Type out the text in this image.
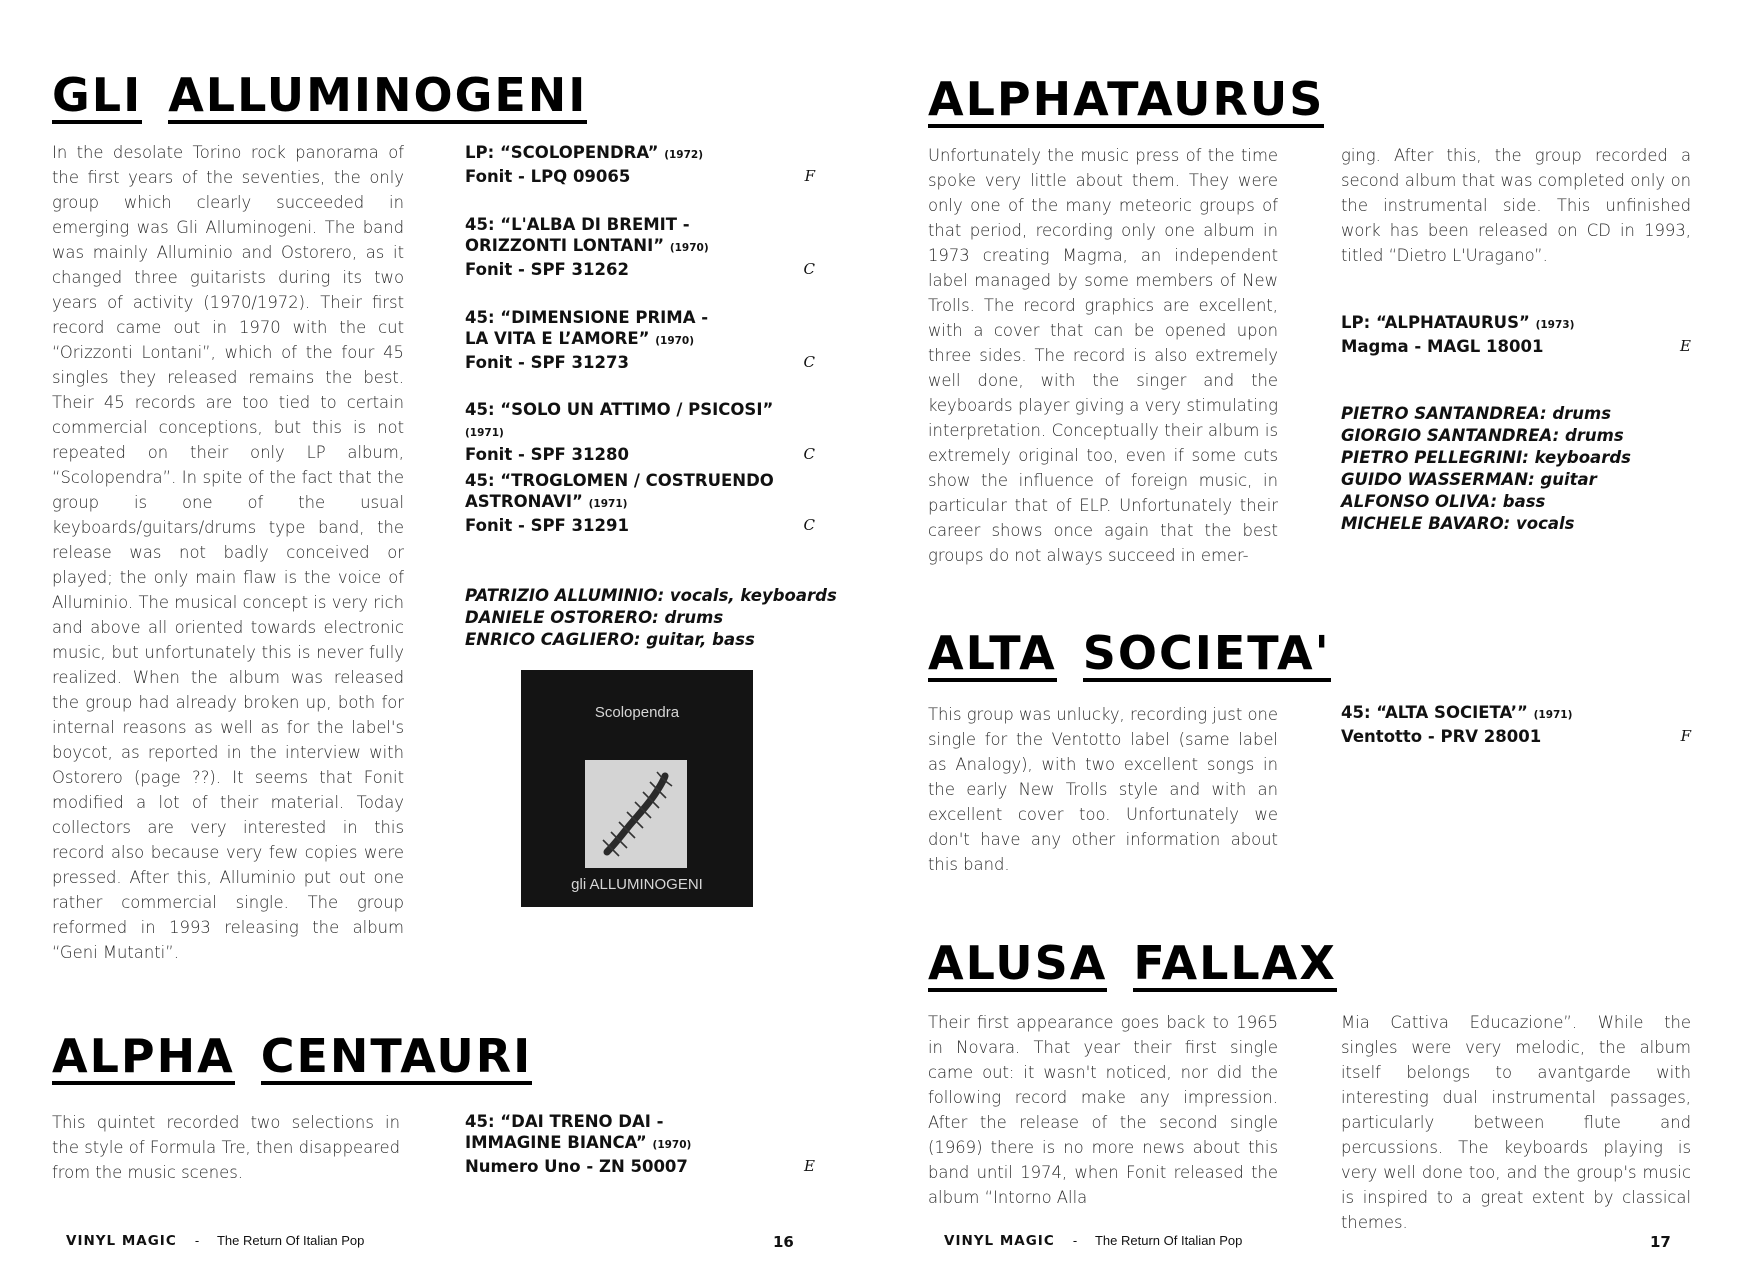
GLI ALLUMINOGENI
In the desolate Torino rock panorama of the first years of the seventies, the only group which clearly succeeded in emerging was Gli Alluminogeni. The band was mainly Alluminio and Ostorero, as it changed three guitarists during its two years of activity (1970/1972). Their first record came out in 1970 with the cut “Orizzonti Lontani”, which of the four 45 singles they released remains the best. Their 45 records are too tied to certain commercial conceptions, but this is not repeated on their only LP album, “Scolopendra”. In spite of the fact that the group is one of the usual keyboards/guitars/drums type band, the release was not badly conceived or played; the only main flaw is the voice of Alluminio. The musical concept is very rich and above all oriented towards electronic music, but unfortunately this is never fully realized. When the album was released the group had already broken up, both for internal reasons as well as for the label's boycot, as reported in the interview with Ostorero (page ??). It seems that Fonit modified a lot of their material. Today collectors are very interested in this record also because very few copies were pressed. After this, Alluminio put out one rather commercial single. The group reformed in 1993 releasing the album “Geni Mutanti”.
LP: “SCOLOPENDRA” (1972)
Fonit - LPQ 09065	F
45: “L'ALBA DI BREMIT -
ORIZZONTI LONTANI” (1970)
Fonit - SPF 31262	C
45: “DIMENSIONE PRIMA -
LA VITA E L’AMORE” (1970)
Fonit - SPF 31273	C
45: “SOLO UN ATTIMO / PSICOSI” (1971)
Fonit - SPF 31280	C
45: “TROGLOMEN / COSTRUENDO
ASTRONAVI” (1971)
Fonit - SPF 31291	C
PATRIZIO ALLUMINIO: vocals, keyboards
DANIELE OSTORERO: drums
ENRICO CAGLIERO: guitar, bass
Scolopendra
gli ALLUMINOGENI
ALPHA CENTAURI
This quintet recorded two selections in the style of Formula Tre, then disappeared from the music scenes.
45: “DAI TRENO DAI -
IMMAGINE BIANCA” (1970)
Numero Uno - ZN 50007	E
VINYL MAGIC - The Return Of Italian Pop	16
ALPHATAURUS
Unfortunately the music press of the time spoke very little about them. They were only one of the many meteoric groups of that period, recording only one album in 1973 creating Magma, an independent label managed by some members of New Trolls. The record graphics are excellent, with a cover that can be opened upon three sides. The record is also extremely well done, with the singer and the keyboards player giving a very stimulating interpretation. Conceptually their album is extremely original too, even if some cuts show the influence of foreign music, in particular that of ELP. Unfortunately their career shows once again that the best groups do not always succeed in emer-
ging. After this, the group recorded a second album that was completed only on the instrumental side. This unfinished work has been released on CD in 1993, titled “Dietro L'Uragano”.
LP: “ALPHATAURUS” (1973)
Magma - MAGL 18001	E
PIETRO SANTANDREA: drums
GIORGIO SANTANDREA: drums
PIETRO PELLEGRINI: keyboards
GUIDO WASSERMAN: guitar
ALFONSO OLIVA: bass
MICHELE BAVARO: vocals
ALTA SOCIETA'
This group was unlucky, recording just one single for the Ventotto label (same label as Analogy), with two excellent songs in the early New Trolls style and with an excellent cover too. Unfortunately we don't have any other information about this band.
45: “ALTA SOCIETA’” (1971)
Ventotto - PRV 28001	F
ALUSA FALLAX
Their first appearance goes back to 1965 in Novara. That year their first single came out: it wasn't noticed, nor did the following record make any impression. After the release of the second single (1969) there is no more news about this band until 1974, when Fonit released the album “Intorno Alla
Mia Cattiva Educazione”. While the singles were very melodic, the album itself belongs to avantgarde with interesting dual instrumental passages, particularly between flute and percussions. The keyboards playing is very well done too, and the group's music is inspired to a great extent by classical themes.
VINYL MAGIC - The Return Of Italian Pop	17
